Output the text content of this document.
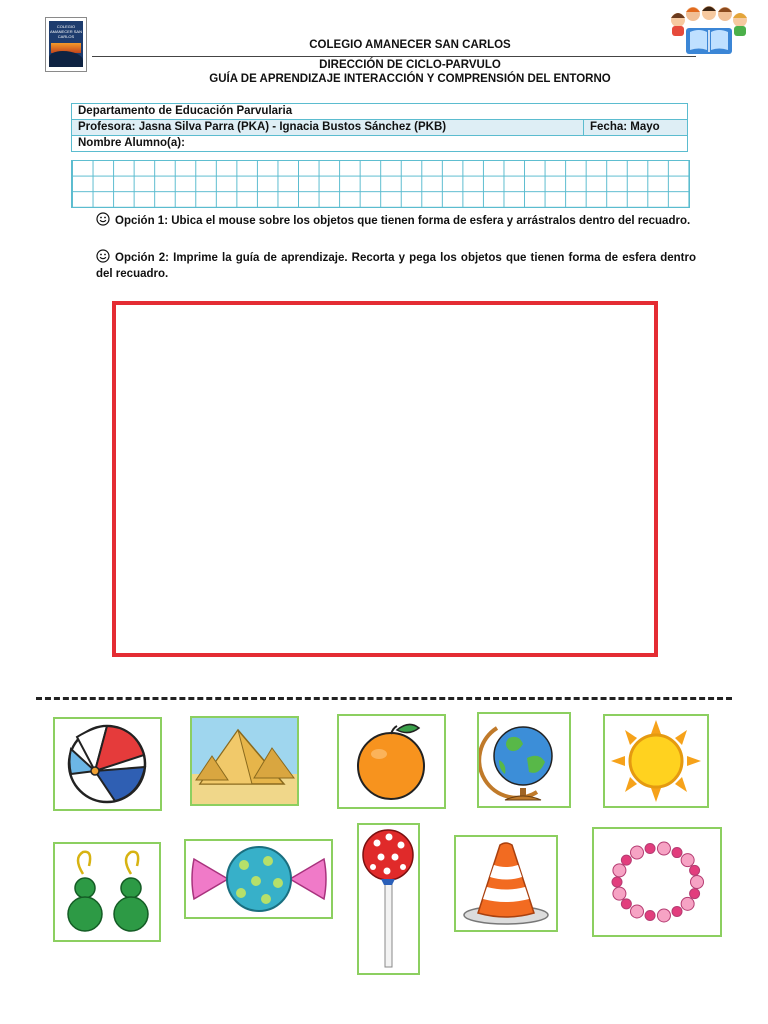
COLEGIO AMANECER SAN CARLOS
COLEGIO AMANECER SAN CARLOS
DIRECCIÓN DE CICLO-PARVULO
GUÍA DE APRENDIZAJE INTERACCIÓN Y COMPRENSIÓN DEL ENTORNO
Departamento de Educación Parvularia
Profesora: Jasna Silva Parra (PKA) - Ignacia Bustos Sánchez (PKB)	Fecha: Mayo
Nombre Alumno(a):
Opción 1: Ubica el mouse sobre los objetos que tienen forma de esfera y arrástralos dentro del recuadro.
Opción 2: Imprime la guía de aprendizaje. Recorta y pega los objetos que tienen forma de esfera dentro del recuadro.
